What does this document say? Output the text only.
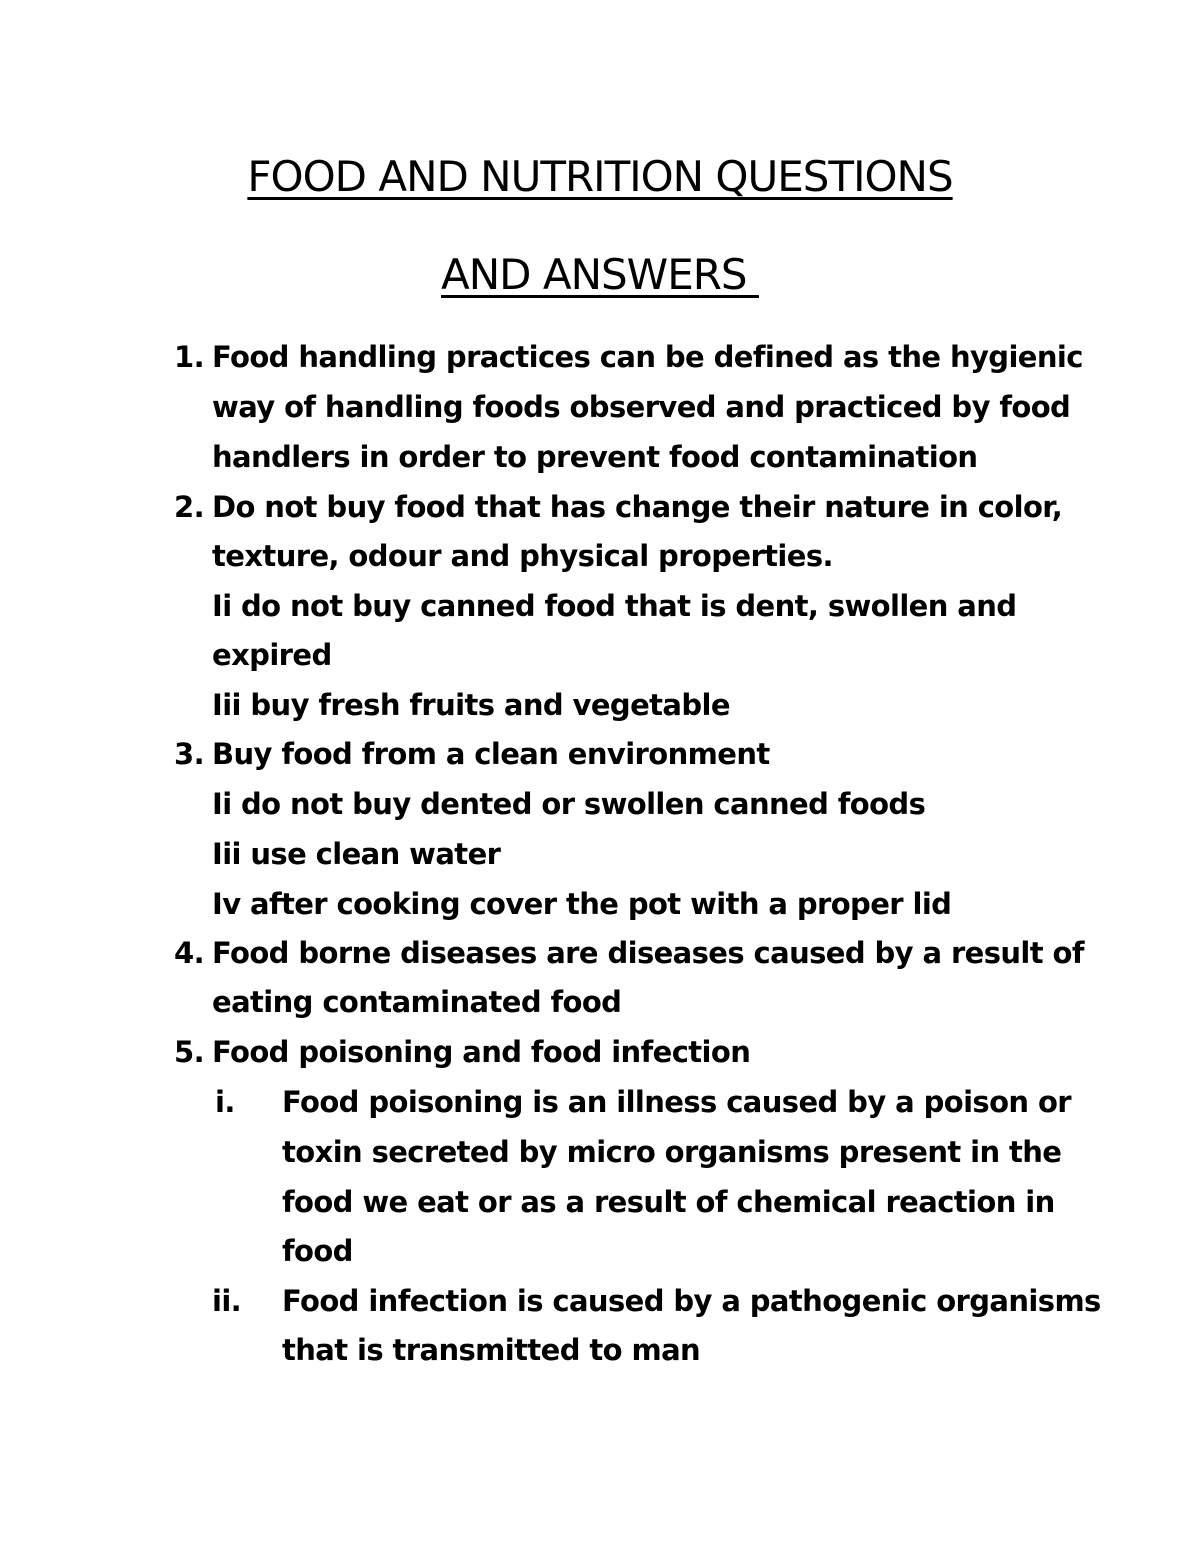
FOOD AND NUTRITION QUESTIONS
AND ANSWERS
1. Food handling practices can be defined as the hygienic
way of handling foods observed and practiced by food
handlers in order to prevent food contamination
2. Do not buy food that has change their nature in color,
texture, odour and physical properties.
Ii do not buy canned food that is dent, swollen and
expired
Iii buy fresh fruits and vegetable
3. Buy food from a clean environment
Ii do not buy dented or swollen canned foods
Iii use clean water
Iv after cooking cover the pot with a proper lid
4. Food borne diseases are diseases caused by a result of
eating contaminated food
5. Food poisoning and food infection
i. Food poisoning is an illness caused by a poison or
toxin secreted by micro organisms present in the
food we eat or as a result of chemical reaction in
food
ii. Food infection is caused by a pathogenic organisms
that is transmitted to man
